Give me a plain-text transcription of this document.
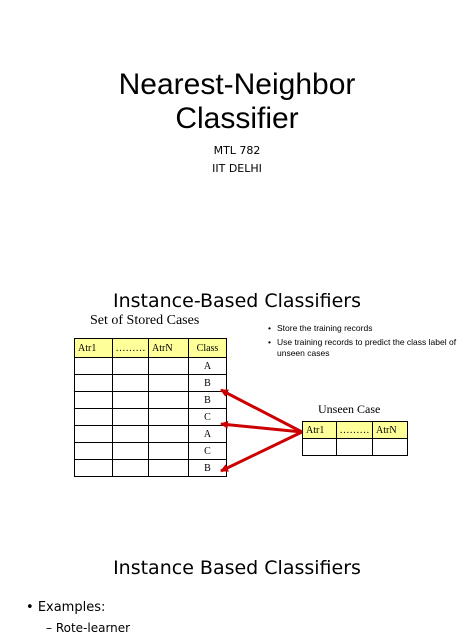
Nearest-Neighbor
Classifier
MTL 782
IIT DELHI
Instance-Based Classifiers
Set of Stored Cases
Atr1	………	AtrN	Class
			A
			B
			B
			C
			A
			C
			B
• Store the training records
• Use training records to predict the class label of unseen cases
Unseen Case
Atr1	………	AtrN

Instance Based Classifiers
• Examples:
– Rote-learner
